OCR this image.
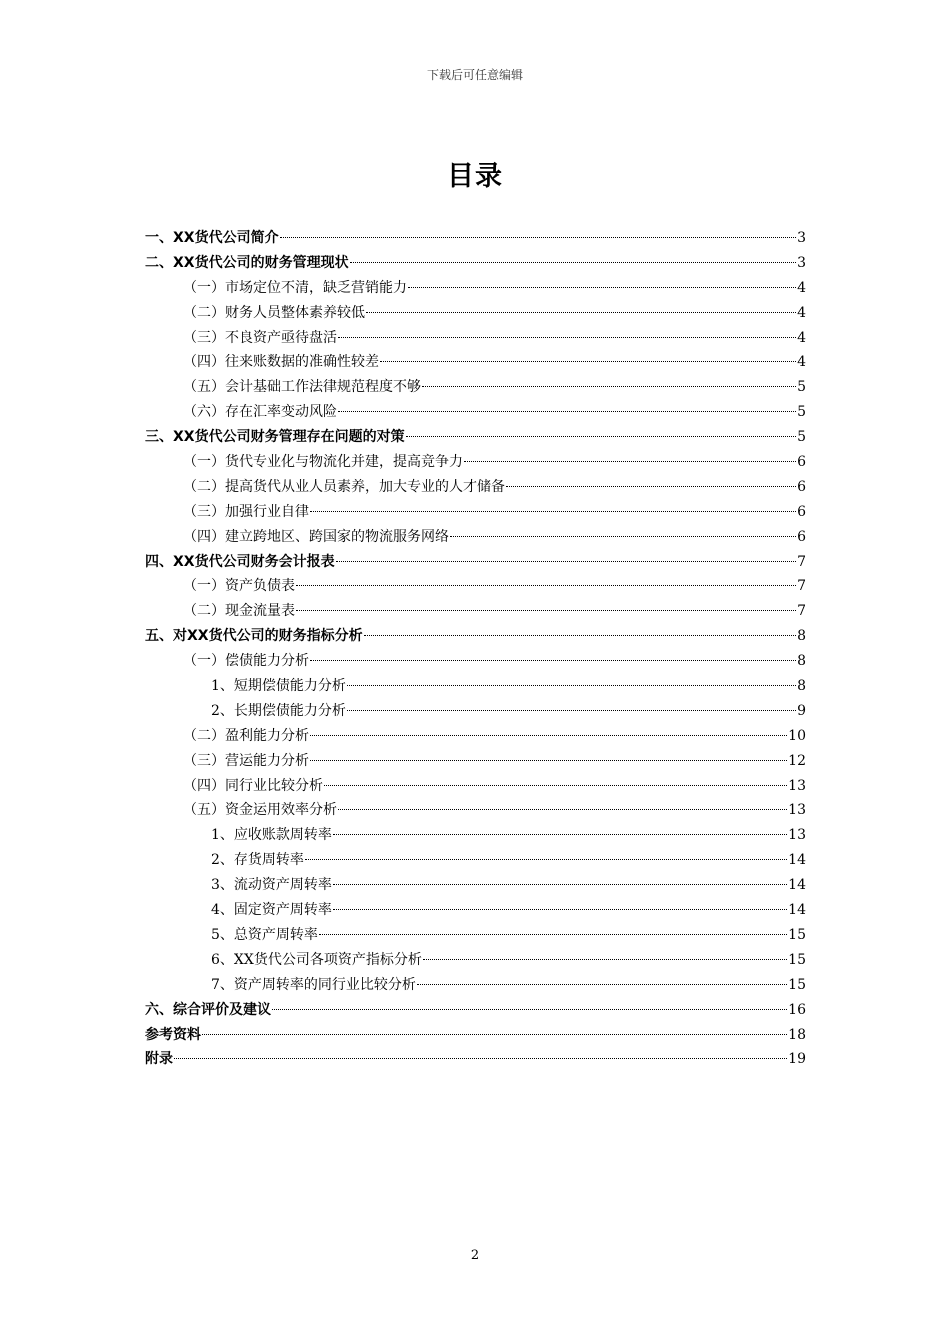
下载后可任意编辑
目录
一、XX货代公司简介	3
二、XX货代公司的财务管理现状	3
（一）市场定位不清，缺乏营销能力	4
（二）财务人员整体素养较低	4
（三）不良资产亟待盘活	4
（四）往来账数据的准确性较差	4
（五）会计基础工作法律规范程度不够	5
（六）存在汇率变动风险	5
三、XX货代公司财务管理存在问题的对策	5
（一）货代专业化与物流化并建，提高竞争力	6
（二）提高货代从业人员素养，加大专业的人才储备	6
（三）加强行业自律	6
（四）建立跨地区、跨国家的物流服务网络	6
四、XX货代公司财务会计报表	7
（一）资产负债表	7
（二）现金流量表	7
五、对XX货代公司的财务指标分析	8
（一）偿债能力分析	8
1、短期偿债能力分析	8
2、长期偿债能力分析	9
（二）盈利能力分析	10
（三）营运能力分析	12
（四）同行业比较分析	13
（五）资金运用效率分析	13
1、应收账款周转率	13
2、存货周转率	14
3、流动资产周转率	14
4、固定资产周转率	14
5、总资产周转率	15
6、XX货代公司各项资产指标分析	15
7、资产周转率的同行业比较分析	15
六、综合评价及建议	16
参考资料	18
附录	19
2
